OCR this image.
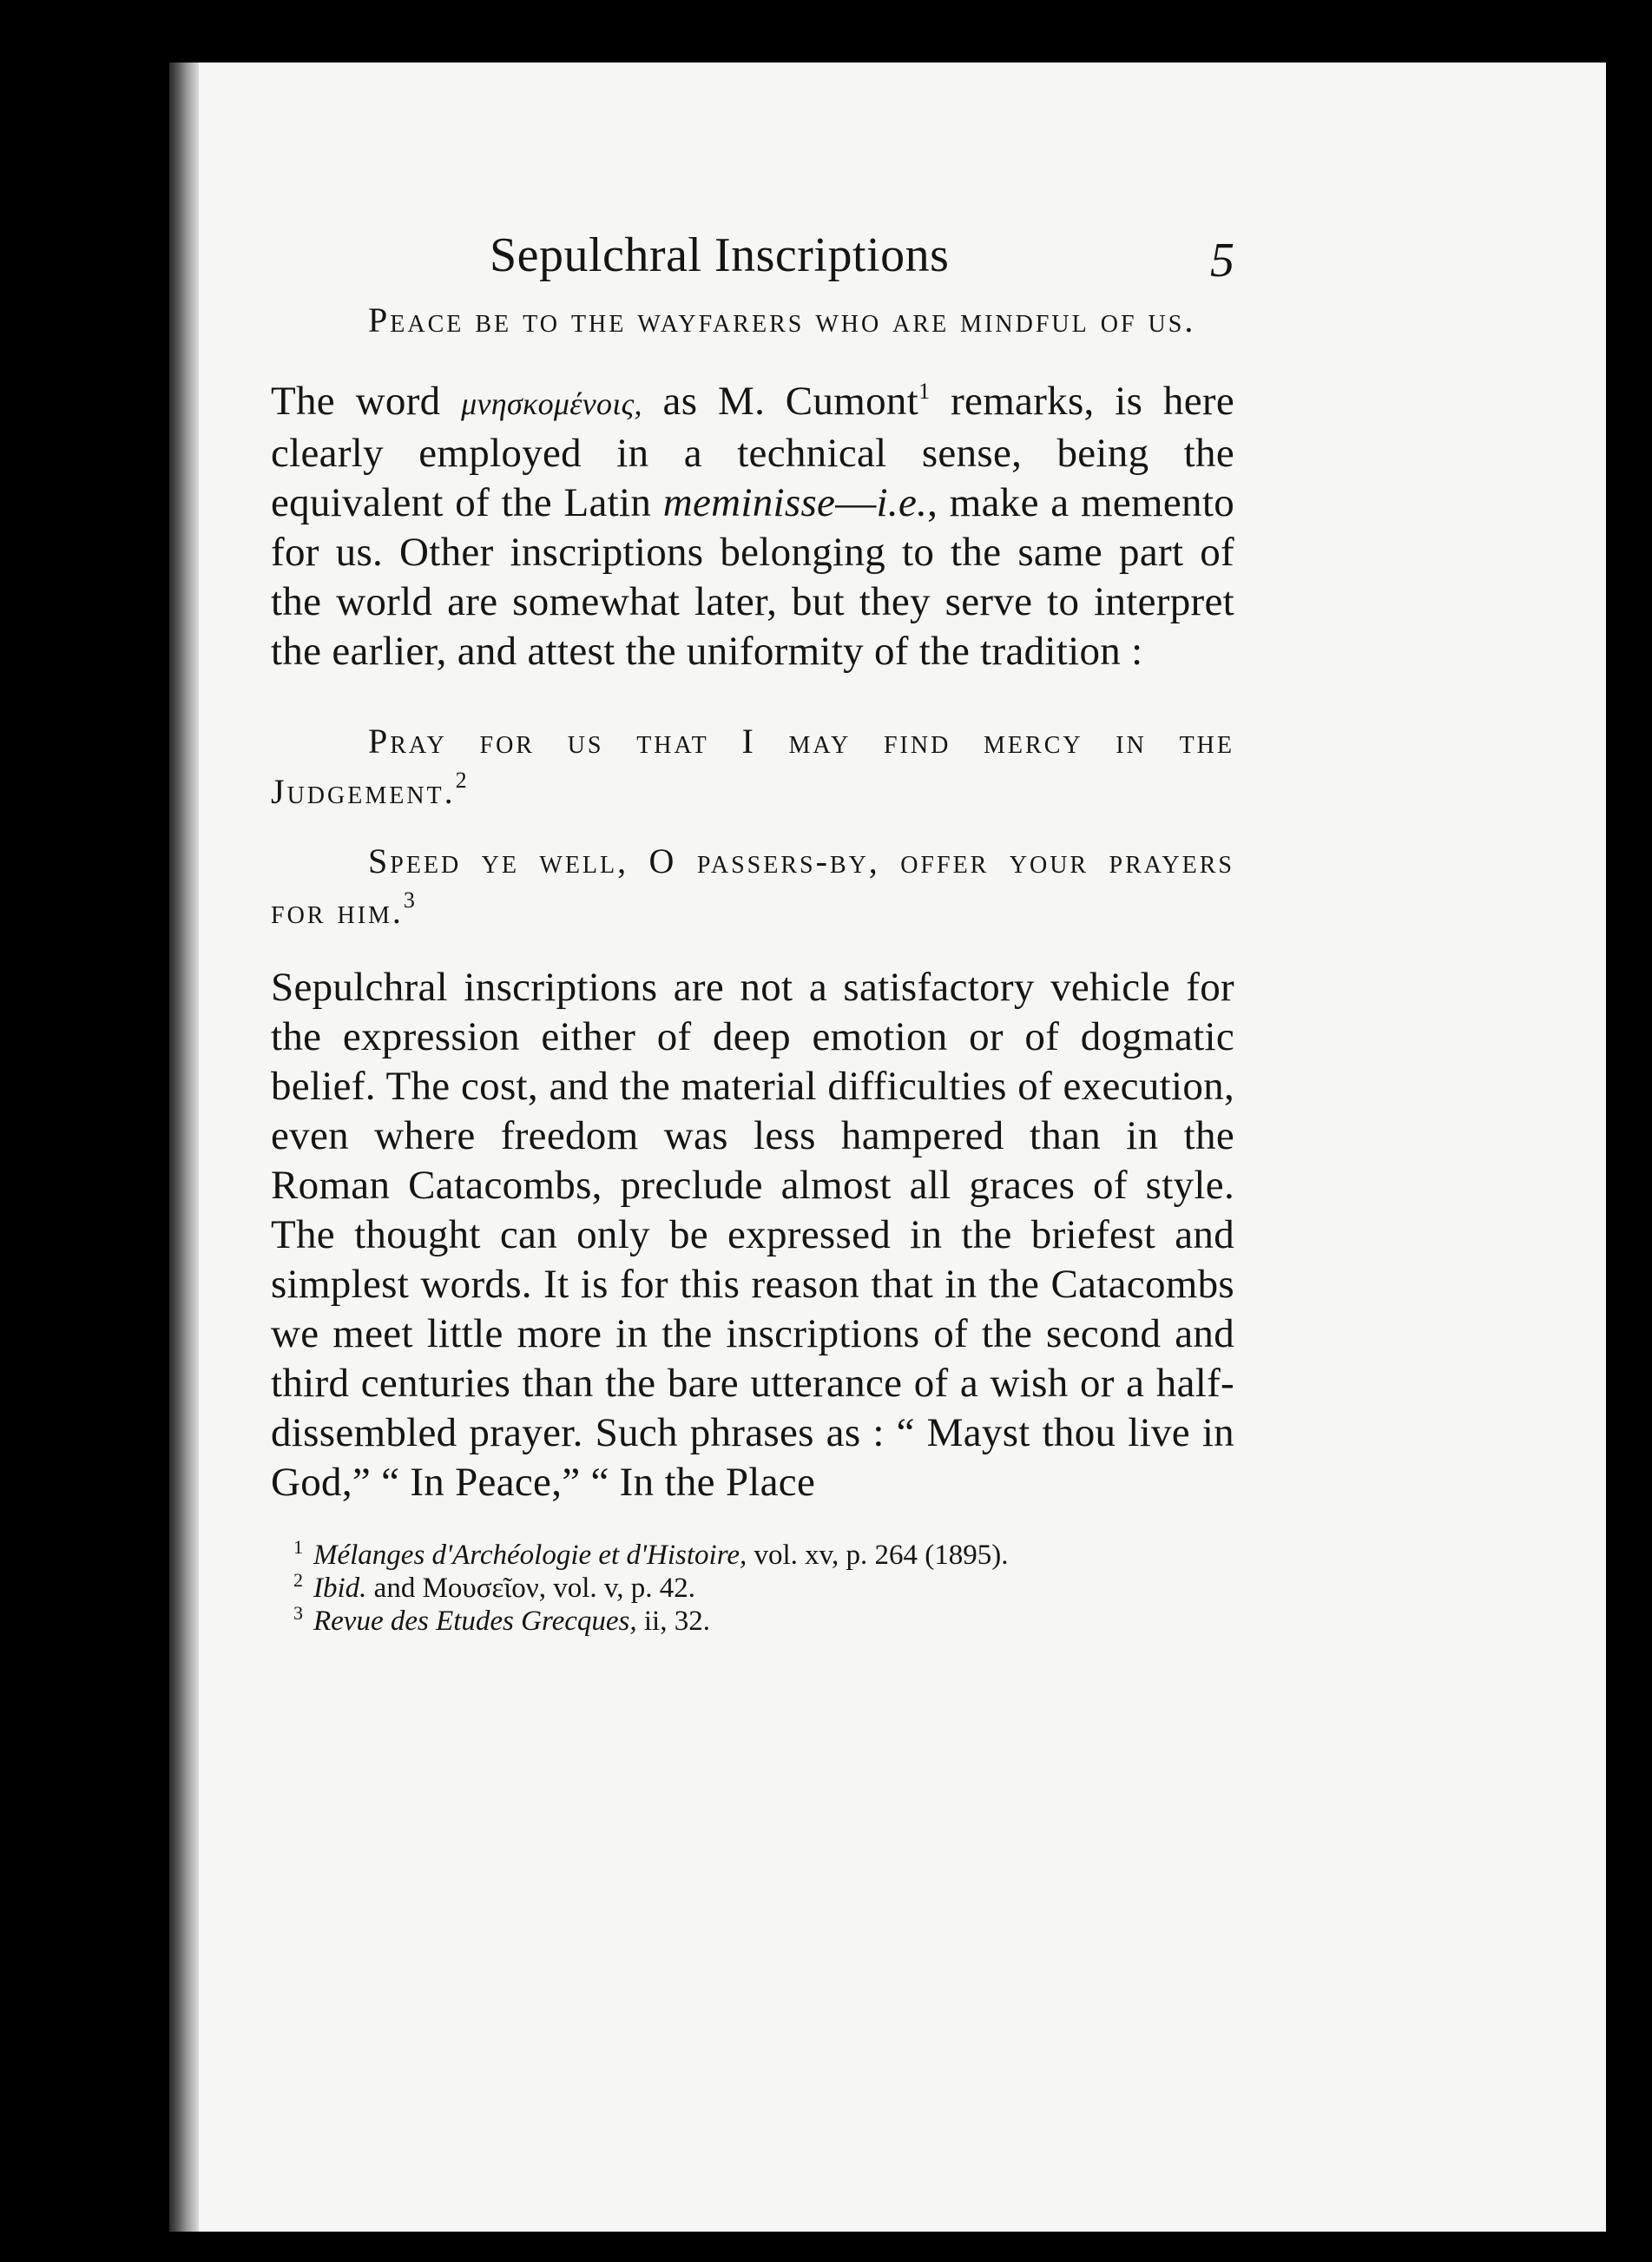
Sepulchral Inscriptions	5

Peace be to the wayfarers who are mindful of us.

The word μνησκομένοις, as M. Cumont$^1$ remarks, is here clearly employed in a technical sense, being the equivalent of the Latin meminisse—i.e., make a memento for us. Other inscriptions belonging to the same part of the world are somewhat later, but they serve to interpret the earlier, and attest the uniformity of the tradition :

Pray for us that I may find mercy in the Judgement.$^2$

Speed ye well, O passers-by, offer your prayers for him.$^3$

Sepulchral inscriptions are not a satisfactory vehicle for the expression either of deep emotion or of dogmatic belief. The cost, and the material difficulties of execution, even where freedom was less hampered than in the Roman Catacombs, preclude almost all graces of style. The thought can only be expressed in the briefest and simplest words. It is for this reason that in the Catacombs we meet little more in the inscriptions of the second and third centuries than the bare utterance of a wish or a half-dissembled prayer. Such phrases as : “ Mayst thou live in God,” “ In Peace,” “ In the Place

$^1$ Mélanges d'Archéologie et d'Histoire, vol. xv, p. 264 (1895).

$^2$ Ibid. and Μουσεῖον, vol. v, p. 42.

$^3$ Revue des Etudes Grecques, ii, 32.
